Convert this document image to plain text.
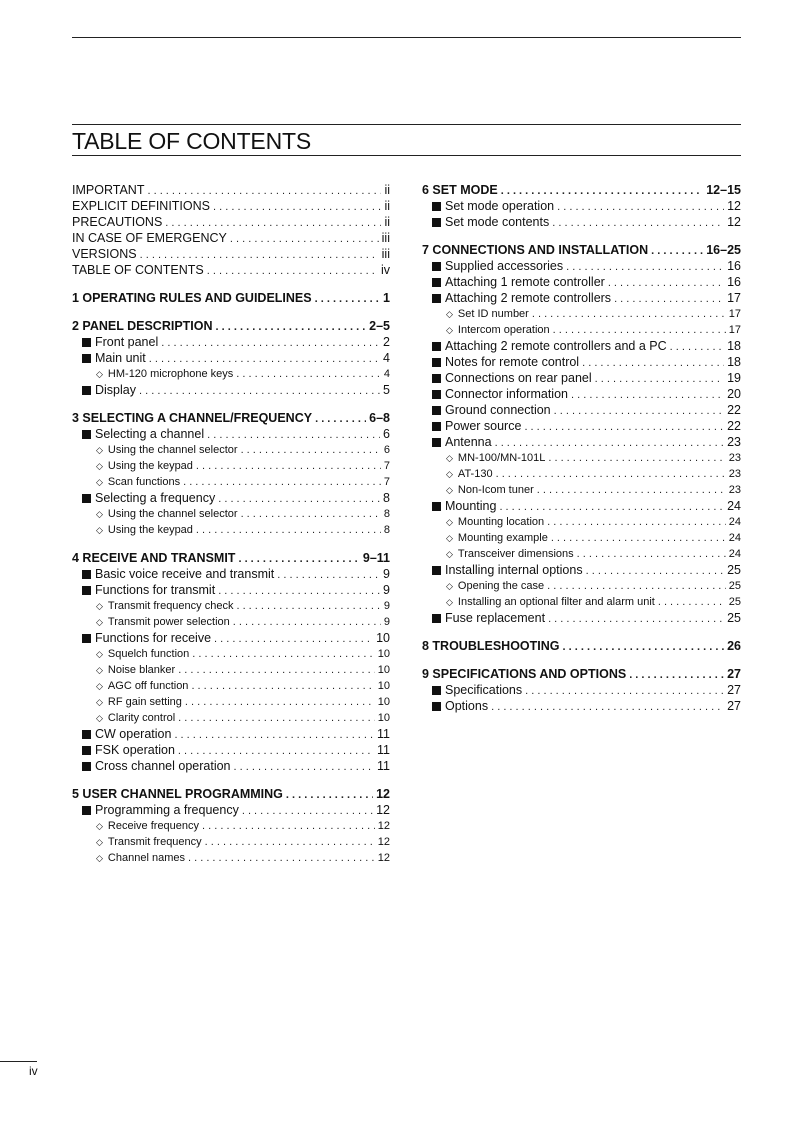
TABLE OF CONTENTS
IMPORTANT . . .	ii
EXPLICIT DEFINITIONS . . .	ii
PRECAUTIONS . . .	ii
IN CASE OF EMERGENCY . . .	iii
VERSIONS . . .	iii
TABLE OF CONTENTS . . .	iv
1 OPERATING RULES AND GUIDELINES . . .	1
2 PANEL DESCRIPTION . . .	2–5
Front panel . . .	2
Main unit . . .	4
◇ HM-120 microphone keys . . .	4
Display . . .	5
3 SELECTING A CHANNEL/FREQUENCY . . .	6–8
Selecting a channel . . .	6
◇ Using the channel selector . . .	6
◇ Using the keypad . . .	7
◇ Scan functions . . .	7
Selecting a frequency . . .	8
◇ Using the channel selector . . .	8
◇ Using the keypad . . .	8
4 RECEIVE AND TRANSMIT . . .	9–11
Basic voice receive and transmit . . .	9
Functions for transmit . . .	9
◇ Transmit frequency check . . .	9
◇ Transmit power selection . . .	9
Functions for receive . . .	10
◇ Squelch function . . .	10
◇ Noise blanker . . .	10
◇ AGC off function . . .	10
◇ RF gain setting . . .	10
◇ Clarity control . . .	10
CW operation . . .	11
FSK operation . . .	11
Cross channel operation . . .	11
5 USER CHANNEL PROGRAMMING . . .	12
Programming a frequency . . .	12
◇ Receive frequency . . .	12
◇ Transmit frequency . . .	12
◇ Channel names . . .	12
6 SET MODE . . .	12–15
Set mode operation . . .	12
Set mode contents . . .	12
7 CONNECTIONS AND INSTALLATION . . .	16–25
Supplied accessories . . .	16
Attaching 1 remote controller . . .	16
Attaching 2 remote controllers . . .	17
◇ Set ID number . . .	17
◇ Intercom operation . . .	17
Attaching 2 remote controllers and a PC . . .	18
Notes for remote control . . .	18
Connections on rear panel . . .	19
Connector information . . .	20
Ground connection . . .	22
Power source . . .	22
Antenna . . .	23
◇ MN-100/MN-101L . . .	23
◇ AT-130 . . .	23
◇ Non-Icom tuner . . .	23
Mounting . . .	24
◇ Mounting location . . .	24
◇ Mounting example . . .	24
◇ Transceiver dimensions . . .	24
Installing internal options . . .	25
◇ Opening the case . . .	25
◇ Installing an optional filter and alarm unit . . .	25
Fuse replacement . . .	25
8 TROUBLESHOOTING . . .	26
9 SPECIFICATIONS AND OPTIONS . . .	27
Specifications . . .	27
Options . . .	27
iv
